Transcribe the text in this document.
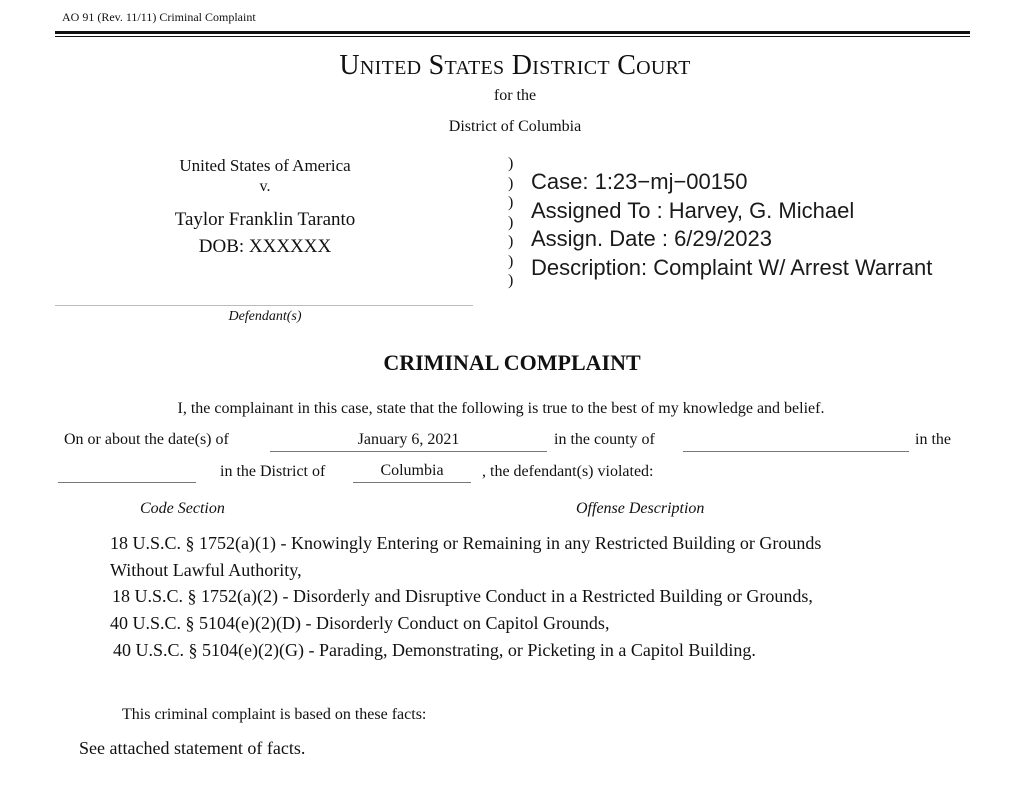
AO 91 (Rev. 11/11) Criminal Complaint
United States District Court
for the
District of Columbia
United States of America
v.
Taylor Franklin Taranto
DOB: XXXXXX
Defendant(s)
)
)
)
)
)
)
)
Case: 1:23−mj−00150
Assigned To : Harvey, G. Michael
Assign. Date : 6/29/2023
Description: Complaint W/ Arrest Warrant
CRIMINAL COMPLAINT
I, the complainant in this case, state that the following is true to the best of my knowledge and belief.
On or about the date(s) of	January 6, 2021	in the county of	in the
in the District of	Columbia	, the defendant(s) violated:
Code Section	Offense Description
18 U.S.C. § 1752(a)(1) - Knowingly Entering or Remaining in any Restricted Building or Grounds
Without Lawful Authority,
18 U.S.C. § 1752(a)(2) - Disorderly and Disruptive Conduct in a Restricted Building or Grounds,
40 U.S.C. § 5104(e)(2)(D) - Disorderly Conduct on Capitol Grounds,
40 U.S.C. § 5104(e)(2)(G) - Parading, Demonstrating, or Picketing in a Capitol Building.
This criminal complaint is based on these facts:
See attached statement of facts.
